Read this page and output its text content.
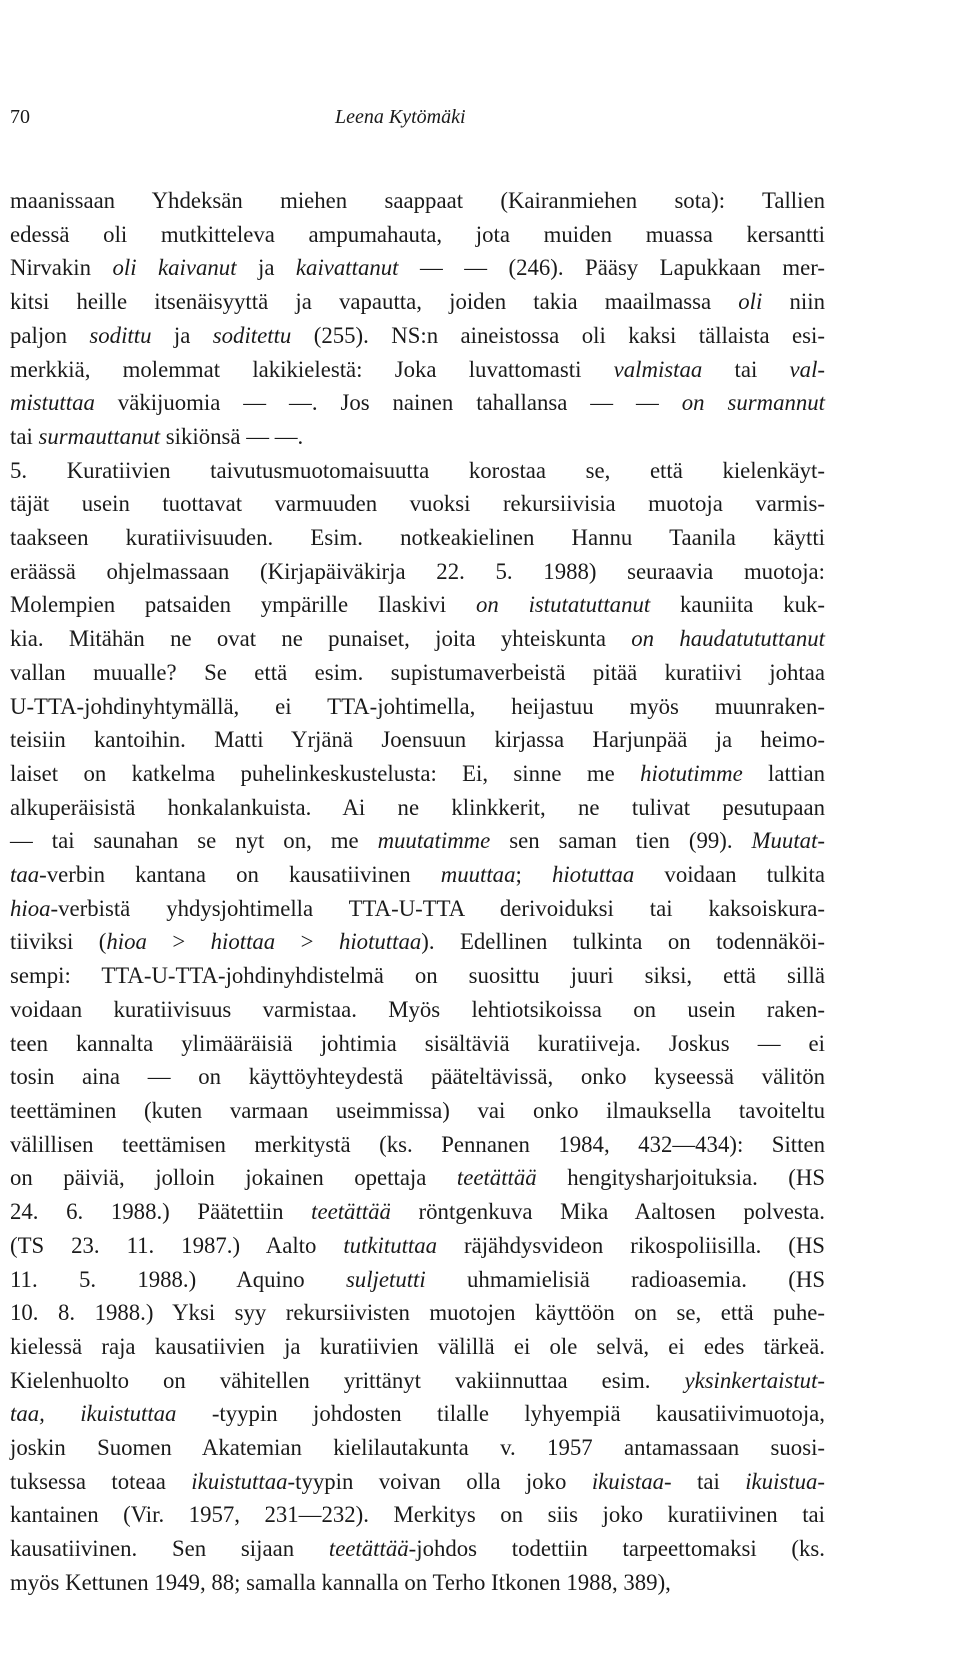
70	Leena Kytömäki
maanissaan Yhdeksän miehen saappaat (Kairanmiehen sota): Tallien
edessä oli mutkitteleva ampumahauta, jota muiden muassa kersantti
Nirvakin oli kaivanut ja kaivattanut — — (246). Pääsy Lapukkaan mer-
kitsi heille itsenäisyyttä ja vapautta, joiden takia maailmassa oli niin
paljon sodittu ja soditettu (255). NS:n aineistossa oli kaksi tällaista esi-
merkkiä, molemmat lakikielestä: Joka luvattomasti valmistaa tai val-
mistuttaa väkijuomia — —. Jos nainen tahallansa — — on surmannut
tai surmauttanut sikiönsä — —.
5. Kuratiivien taivutusmuotomaisuutta korostaa se, että kielenkäyt-
täjät usein tuottavat varmuuden vuoksi rekursiivisia muotoja varmis-
taakseen kuratiivisuuden. Esim. notkeakielinen Hannu Taanila käytti
eräässä ohjelmassaan (Kirjapäiväkirja 22. 5. 1988) seuraavia muotoja:
Molempien patsaiden ympärille Ilaskivi on istutatuttanut kauniita kuk-
kia. Mitähän ne ovat ne punaiset, joita yhteiskunta on haudatututtanut
vallan muualle? Se että esim. supistumaverbeistä pitää kuratiivi johtaa
U-TTA-johdinyhtymällä, ei TTA-johtimella, heijastuu myös muunraken-
teisiin kantoihin. Matti Yrjänä Joensuun kirjassa Harjunpää ja heimo-
laiset on katkelma puhelinkeskustelusta: Ei, sinne me hiotutimme lattian
alkuperäisistä honkalankuista. Ai ne klinkkerit, ne tulivat pesutupaan
— tai saunahan se nyt on, me muutatimme sen saman tien (99). Muutat-
taa-verbin kantana on kausatiivinen muuttaa; hiotuttaa voidaan tulkita
hioa-verbistä yhdysjohtimella TTA-U-TTA derivoiduksi tai kaksoiskura-
tiiviksi (hioa > hiottaa > hiotuttaa). Edellinen tulkinta on todennäköi-
sempi: TTA-U-TTA-johdinyhdistelmä on suosittu juuri siksi, että sillä
voidaan kuratiivisuus varmistaa. Myös lehtiotsikoissa on usein raken-
teen kannalta ylimääräisiä johtimia sisältäviä kuratiiveja. Joskus — ei
tosin aina — on käyttöyhteydestä pääteltävissä, onko kyseessä välitön
teettäminen (kuten varmaan useimmissa) vai onko ilmauksella tavoiteltu
välillisen teettämisen merkitystä (ks. Pennanen 1984, 432—434): Sitten
on päiviä, jolloin jokainen opettaja teetättää hengitysharjoituksia. (HS
24. 6. 1988.) Päätettiin teetättää röntgenkuva Mika Aaltosen polvesta.
(TS 23. 11. 1987.) Aalto tutkituttaa räjähdysvideon rikospoliisilla. (HS
11. 5. 1988.) Aquino suljetutti uhmamielisiä radioasemia. (HS
10. 8. 1988.) Yksi syy rekursiivisten muotojen käyttöön on se, että puhe-
kielessä raja kausatiivien ja kuratiivien välillä ei ole selvä, ei edes tärkeä.
Kielenhuolto on vähitellen yrittänyt vakiinnuttaa esim. yksinkertaistut-
taa, ikuistuttaa -tyypin johdosten tilalle lyhyempiä kausatiivimuotoja,
joskin Suomen Akatemian kielilautakunta v. 1957 antamassaan suosi-
tuksessa toteaa ikuistuttaa-tyypin voivan olla joko ikuistaa- tai ikuistua-
kantainen (Vir. 1957, 231—232). Merkitys on siis joko kuratiivinen tai
kausatiivinen. Sen sijaan teetättää-johdos todettiin tarpeettomaksi (ks.
myös Kettunen 1949, 88; samalla kannalla on Terho Itkonen 1988, 389),
